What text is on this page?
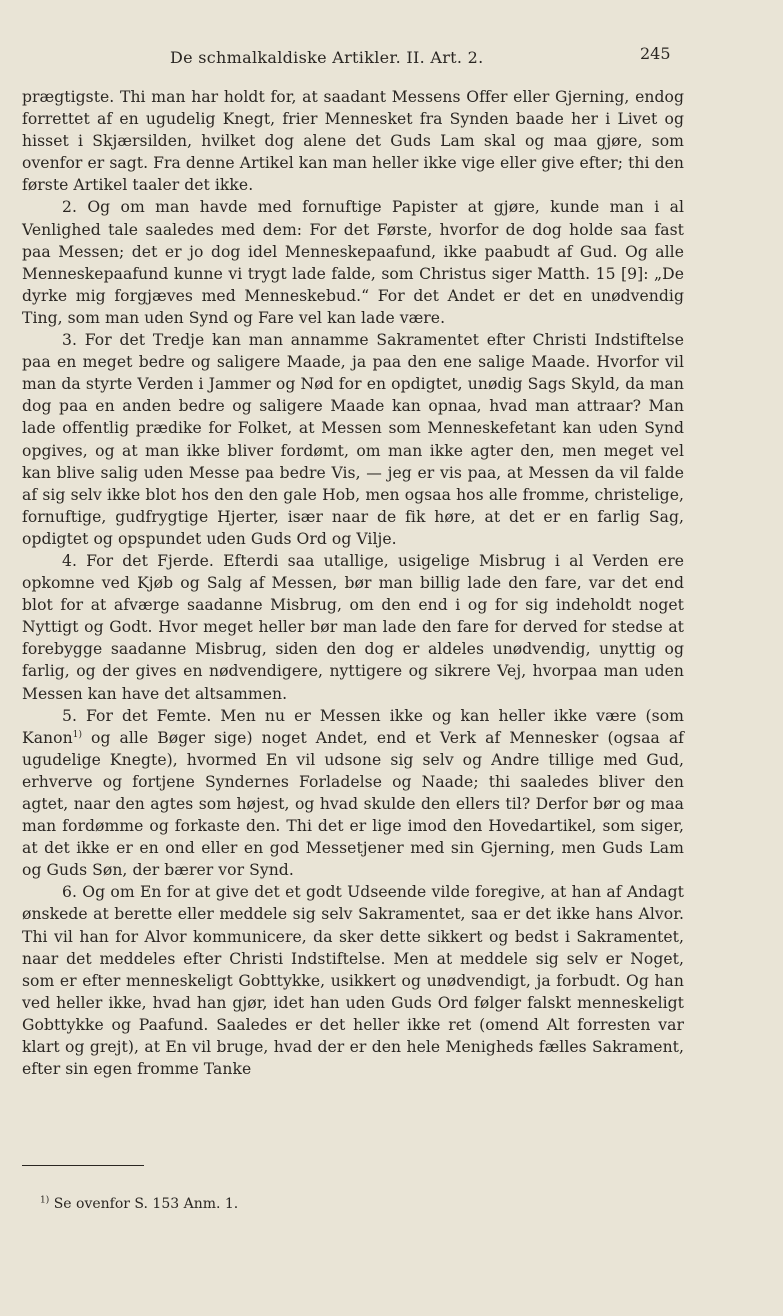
De schmalkaldiske Artikler. II. Art. 2.	245

prægtigste. Thi man har holdt for, at saadant Messens Offer eller Gjerning, endog forrettet af en ugudelig Knegt, frier Mennesket fra Synden baade her i Livet og hisset i Skjærsilden, hvilket dog alene det Guds Lam skal og maa gjøre, som ovenfor er sagt. Fra denne Artikel kan man heller ikke vige eller give efter; thi den første Artikel taaler det ikke.

2. Og om man havde med fornuftige Papister at gjøre, kunde man i al Venlighed tale saaledes med dem: For det Første, hvorfor de dog holde saa fast paa Messen; det er jo dog idel Menneskepaafund, ikke paabudt af Gud. Og alle Menneskepaafund kunne vi trygt lade falde, som Christus siger Matth. 15 [9]: „De dyrke mig forgjæves med Menneskebud.“ For det Andet er det en unødvendig Ting, som man uden Synd og Fare vel kan lade være.

3. For det Tredje kan man annamme Sakramentet efter Christi Indstiftelse paa en meget bedre og saligere Maade, ja paa den ene salige Maade. Hvorfor vil man da styrte Verden i Jammer og Nød for en opdigtet, unødig Sags Skyld, da man dog paa en anden bedre og saligere Maade kan opnaa, hvad man attraar? Man lade offentlig prædike for Folket, at Messen som Menneskefetant kan uden Synd opgives, og at man ikke bliver fordømt, om man ikke agter den, men meget vel kan blive salig uden Messe paa bedre Vis, — jeg er vis paa, at Messen da vil falde af sig selv ikke blot hos den den gale Hob, men ogsaa hos alle fromme, christelige, fornuftige, gudfrygtige Hjerter, især naar de fik høre, at det er en farlig Sag, opdigtet og opspundet uden Guds Ord og Vilje.

4. For det Fjerde. Efterdi saa utallige, usigelige Misbrug i al Verden ere opkomne ved Kjøb og Salg af Messen, bør man billig lade den fare, var det end blot for at afværge saadanne Misbrug, om den end i og for sig indeholdt noget Nyttigt og Godt. Hvor meget heller bør man lade den fare for derved for stedse at forebygge saadanne Misbrug, siden den dog er aldeles unødvendig, unyttig og farlig, og der gives en nødvendigere, nyttigere og sikrere Vej, hvorpaa man uden Messen kan have det altsammen.

5. For det Femte. Men nu er Messen ikke og kan heller ikke være (som Kanon$^{1)}$ og alle Bøger sige) noget Andet, end et Verk af Mennesker (ogsaa af ugudelige Knegte), hvormed En vil udsone sig selv og Andre tillige med Gud, erhverve og fortjene Syndernes Forladelse og Naade; thi saaledes bliver den agtet, naar den agtes som højest, og hvad skulde den ellers til? Derfor bør og maa man fordømme og forkaste den. Thi det er lige imod den Hovedartikel, som siger, at det ikke er en ond eller en god Messetjener med sin Gjerning, men Guds Lam og Guds Søn, der bærer vor Synd.

6. Og om En for at give det et godt Udseende vilde foregive, at han af Andagt ønskede at berette eller meddele sig selv Sakramentet, saa er det ikke hans Alvor. Thi vil han for Alvor kommunicere, da sker dette sikkert og bedst i Sakramentet, naar det meddeles efter Christi Indstiftelse. Men at meddele sig selv er Noget, som er efter menneskeligt Gobttykke, usikkert og unødvendigt, ja forbudt. Og han ved heller ikke, hvad han gjør, idet han uden Guds Ord følger falskt menneskeligt Gobttykke og Paafund. Saaledes er det heller ikke ret (omend Alt forresten var klart og grejt), at En vil bruge, hvad der er den hele Menigheds fælles Sakrament, efter sin egen fromme Tanke

$^{1)}$ Se ovenfor S. 153 Anm. 1.
